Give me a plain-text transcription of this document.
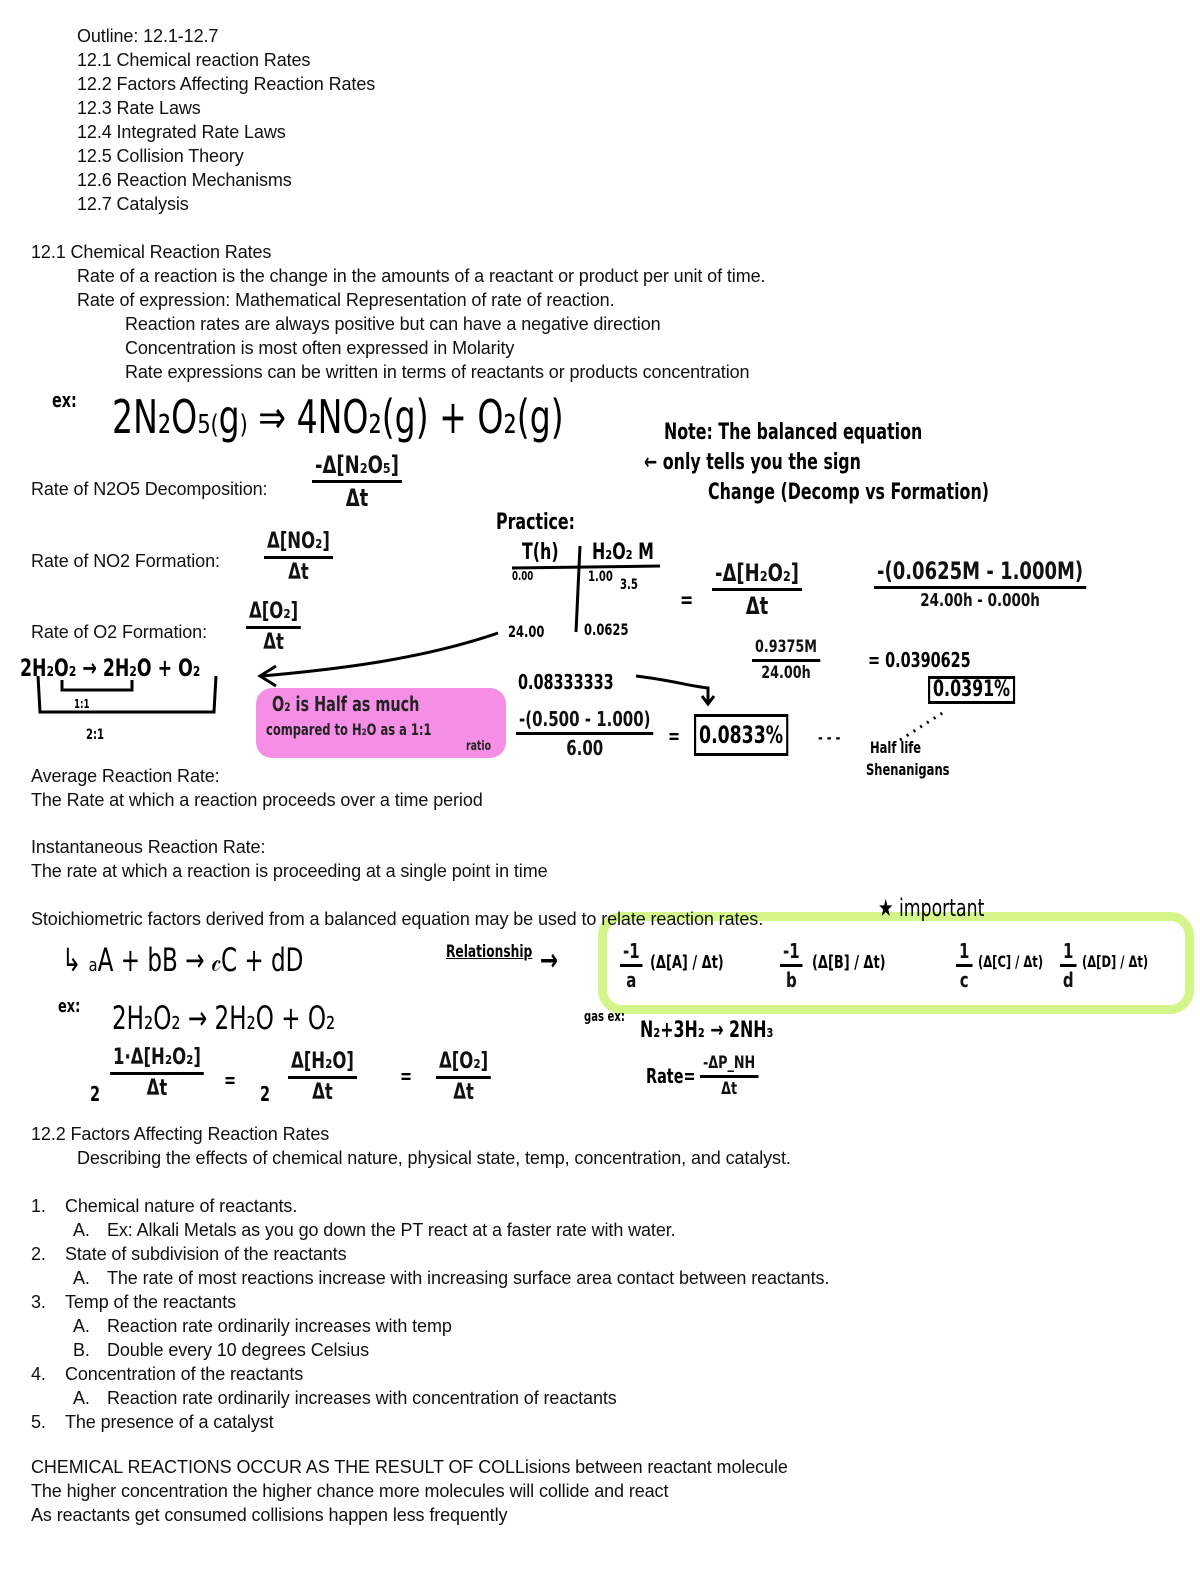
Outline: 12.1-12.7
12.1 Chemical reaction Rates
12.2 Factors Affecting Reaction Rates
12.3 Rate Laws
12.4 Integrated Rate Laws
12.5 Collision Theory
12.6 Reaction Mechanisms
12.7 Catalysis
12.1 Chemical Reaction Rates
Rate of a reaction is the change in the amounts of a reactant or product per unit of time.
Rate of expression: Mathematical Representation of rate of reaction.
Reaction rates are always positive but can have a negative direction
Concentration is most often expressed in Molarity
Rate expressions can be written in terms of reactants or products concentration
Rate of N2O5 Decomposition:
Rate of NO2 Formation:
Rate of O2 Formation:
Average Reaction Rate:
The Rate at which a reaction proceeds over a time period
Instantaneous Reaction Rate:
The rate at which a reaction is proceeding at a single point in time
Stoichiometric factors derived from a balanced equation may be used to relate reaction rates.
ex: 2N₂O₅₍g₎ ⇒ 4NO₂(g) + O₂(g)	Note: The balanced equation
← only tells you the sign
Change (Decomp vs Formation)
$\frac{\text{-Δ[N₂O₅]}}{\Delta t}$
$\frac{\text{Δ[NO₂]}}{\Delta t}$
$\frac{\text{Δ[O₂]}}{\Delta t}$
Practice:
T(h) H₂O₂ M
0.00	1.00 3.5
24.00 0.0625
= $\frac{\text{-Δ[H₂O₂]}}{\Delta t}$	-(0.0625M - 1.000M)
24.00h - 0.000h
$\frac{0.9375M}{24.00h} = 0.0390625$
0.0391%
2H₂O₂ → 2H₂O + O₂
1:1
2:1
O₂ is Half as much
compared to H₂O as a 1:1
ratio
0.08333333
$\frac{-(0.500 - 1.000)}{6.00} = 0.0833\%$	- - -
Half life
Shenanigans
★ important
↳ ₐA + bB → 𝒸C + dD	Relationship →	$\frac{-1}{a} (\Delta[A] / \Delta t)$	$\frac{-1}{b} (\Delta[B] / \Delta t)$	$\frac{1}{c} (\Delta[C] / \Delta t) \frac{1}{d} (\Delta[D] / \Delta t)$
ex: 2H₂O₂ → 2H₂O + O₂
$2 \frac{\text{1·Δ[H₂O₂]}}{\Delta t}$ =
$2 \frac{\text{Δ[H₂O]}}{\Delta t} = \frac{\text{Δ[O₂]}}{\Delta t}$
gas ex:
N₂+3H₂ → 2NH₃
Rate= $\frac{-\Delta P\_NH}{\Delta t}$
12.2 Factors Affecting Reaction Rates
Describing the effects of chemical nature, physical state, temp, concentration, and catalyst.
1. Chemical nature of reactants.
A. Ex: Alkali Metals as you go down the PT react at a faster rate with water.
2. State of subdivision of the reactants
A. The rate of most reactions increase with increasing surface area contact between reactants.
3. Temp of the reactants
A. Reaction rate ordinarily increases with temp
B. Double every 10 degrees Celsius
4. Concentration of the reactants
A. Reaction rate ordinarily increases with concentration of reactants
5. The presence of a catalyst
CHEMICAL REACTIONS OCCUR AS THE RESULT OF COLLisions between reactant molecule
The higher concentration the higher chance more molecules will collide and react
As reactants get consumed collisions happen less frequently
